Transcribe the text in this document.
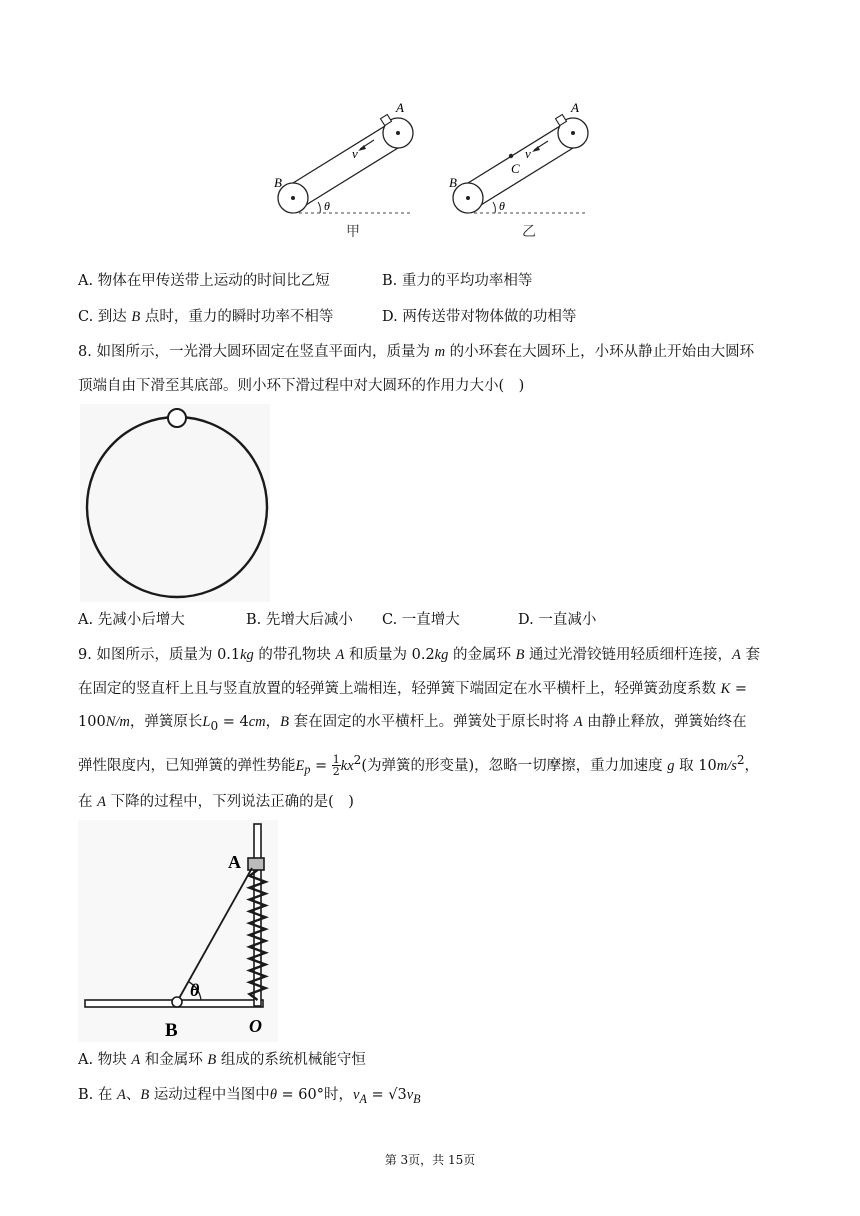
B
A
v
θ
甲
B
A
C
v
θ
乙
A. 物体在甲传送带上运动的时间比乙短	B. 重力的平均功率相等
C. 到达 B 点时，重力的瞬时功率不相等	D. 两传送带对物体做的功相等
8. 如图所示，一光滑大圆环固定在竖直平面内，质量为 m 的小环套在大圆环上，小环从静止开始由大圆环
顶端自由下滑至其底部。则小环下滑过程中对大圆环的作用力大小(　)
A. 先减小后增大	B. 先增大后减小 C. 一直增大	D. 一直减小
9. 如图所示，质量为 0.1kg 的带孔物块 A 和质量为 0.2kg 的金属环 B 通过光滑铰链用轻质细杆连接，A 套
在固定的竖直杆上且与竖直放置的轻弹簧上端相连，轻弹簧下端固定在水平横杆上，轻弹簧劲度系数 K =
100N/m，弹簧原长$L_0 = 4cm$，B 套在固定的水平横杆上。弹簧处于原长时将 A 由静止释放，弹簧始终在
弹性限度内，已知弹簧的弹性势能$E_p = \frac{1}{2} kx^2$(为弹簧的形变量)，忽略一切摩擦，重力加速度 g 取 $10m/s^2$，
在 A 下降的过程中，下列说法正确的是(　)
A
B	O
θ
A. 物块 A 和金属环 B 组成的系统机械能守恒
B. 在 A、B 运动过程中当图中θ = 60°时，$v_A = √3v_B$
第 3页，共 15页
